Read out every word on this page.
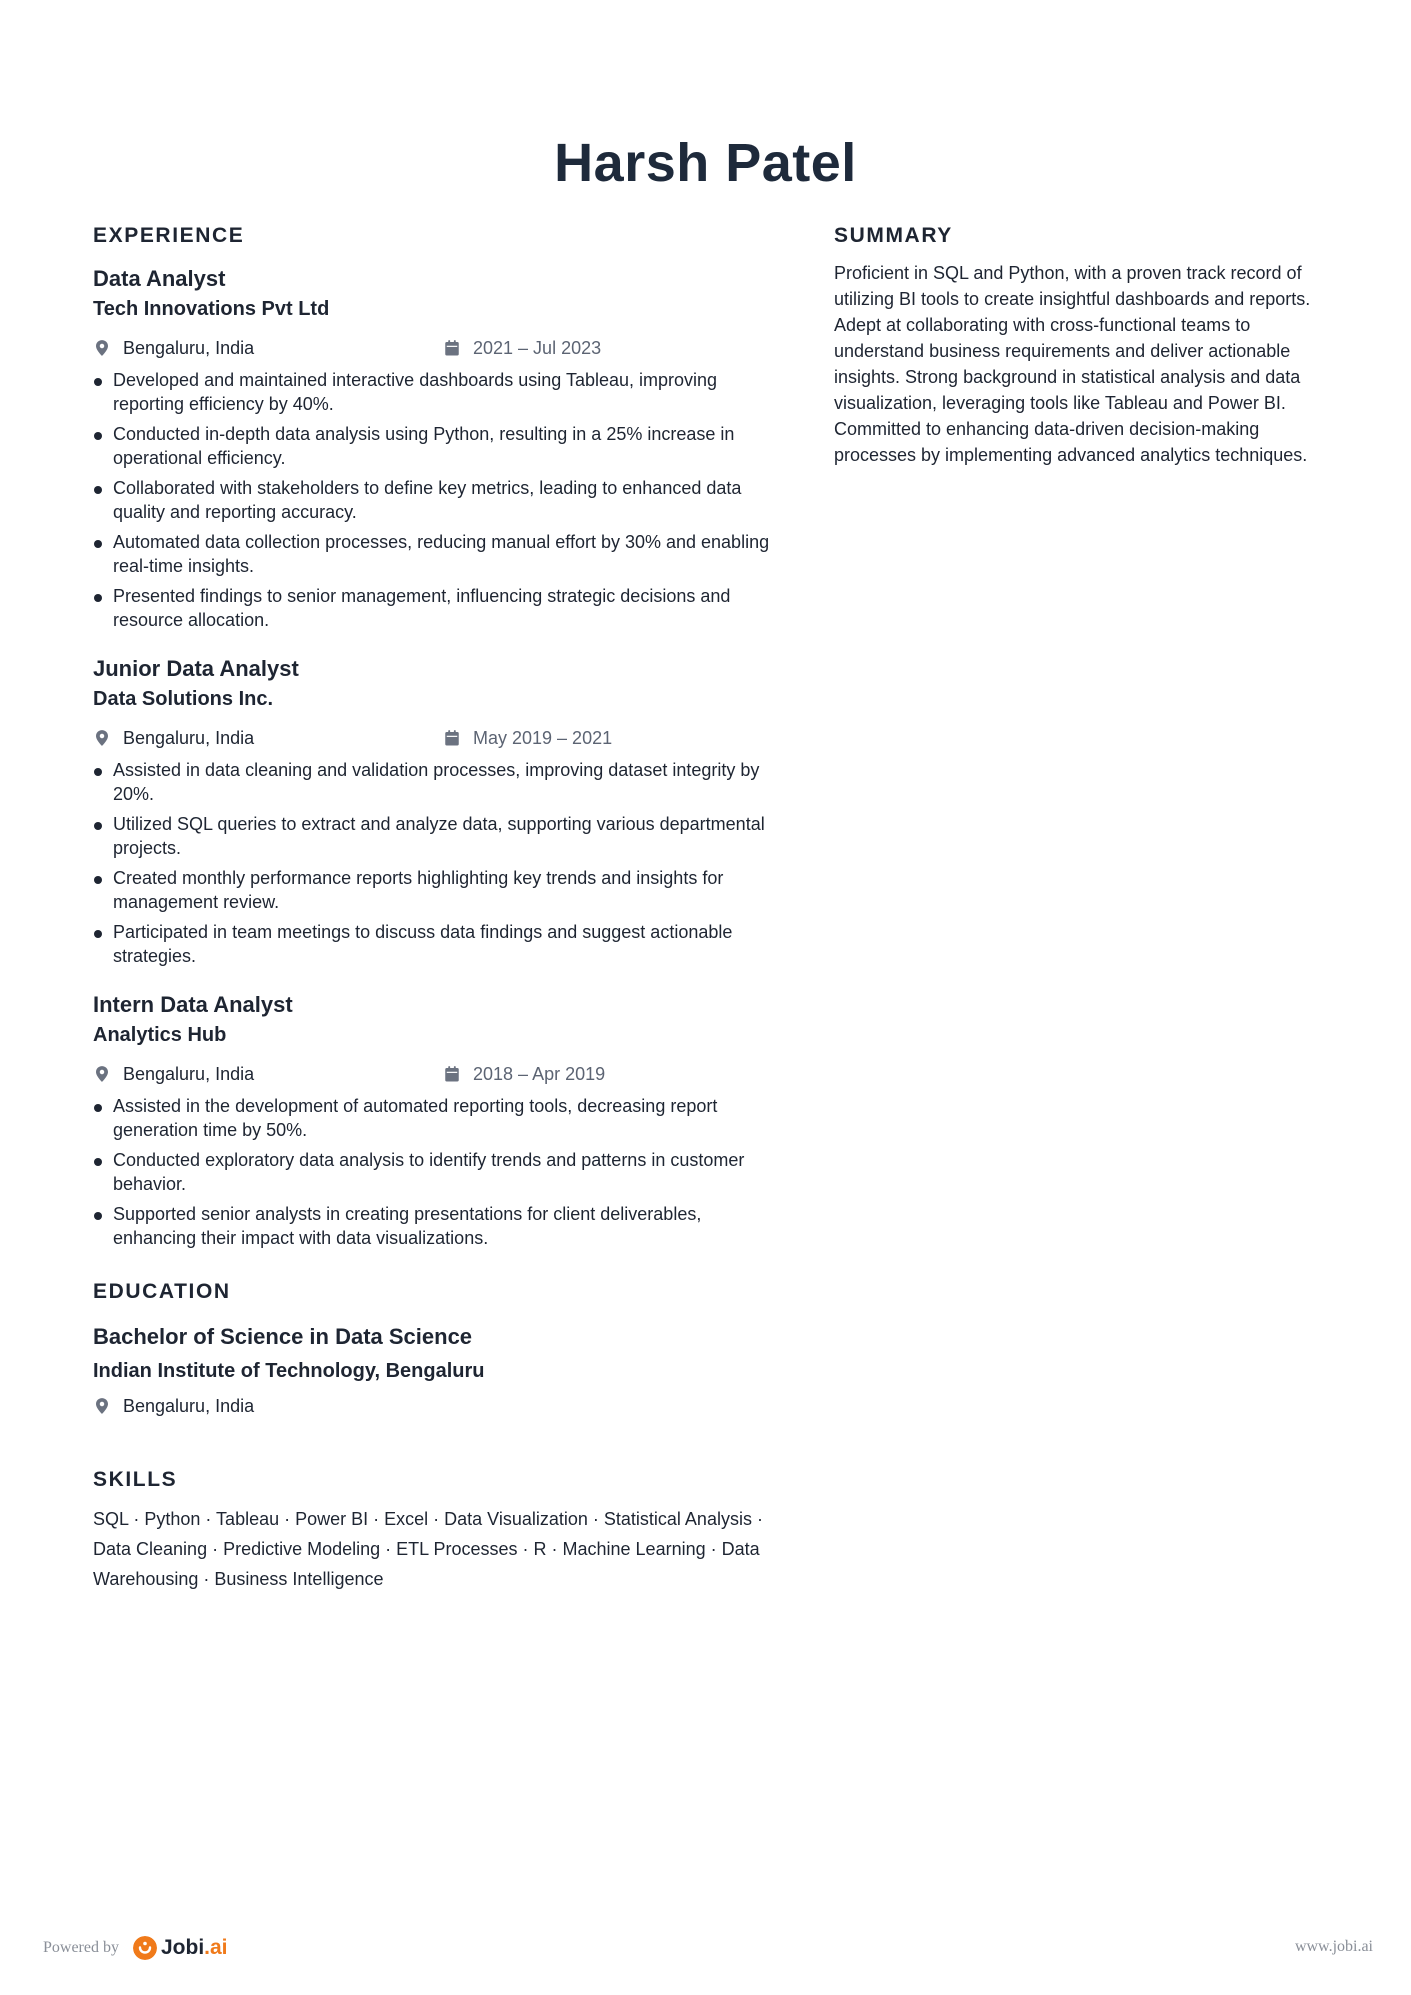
Harsh Patel
EXPERIENCE

Data Analyst

Tech Innovations Pvt Ltd

Bengaluru, India	2021 – Jul 2023
Developed and maintained interactive dashboards using Tableau, improving reporting efficiency by 40%.
Conducted in-depth data analysis using Python, resulting in a 25% increase in operational efficiency.
Collaborated with stakeholders to define key metrics, leading to enhanced data quality and reporting accuracy.
Automated data collection processes, reducing manual effort by 30% and enabling real-time insights.
Presented findings to senior management, influencing strategic decisions and resource allocation.

Junior Data Analyst

Data Solutions Inc.

Bengaluru, India	May 2019 – 2021
Assisted in data cleaning and validation processes, improving dataset integrity by 20%.
Utilized SQL queries to extract and analyze data, supporting various departmental projects.
Created monthly performance reports highlighting key trends and insights for management review.
Participated in team meetings to discuss data findings and suggest actionable strategies.

Intern Data Analyst

Analytics Hub

Bengaluru, India	2018 – Apr 2019
Assisted in the development of automated reporting tools, decreasing report generation time by 50%.
Conducted exploratory data analysis to identify trends and patterns in customer behavior.
Supported senior analysts in creating presentations for client deliverables, enhancing their impact with data visualizations.
EDUCATION

Bachelor of Science in Data Science

Indian Institute of Technology, Bengaluru

Bengaluru, India
SKILLS

SQL · Python · Tableau · Power BI · Excel · Data Visualization · Statistical Analysis · Data Cleaning · Predictive Modeling · ETL Processes · R · Machine Learning · Data Warehousing · Business Intelligence

SUMMARY

Proficient in SQL and Python, with a proven track record of utilizing BI tools to create insightful dashboards and reports. Adept at collaborating with cross-functional teams to understand business requirements and deliver actionable insights. Strong background in statistical analysis and data visualization, leveraging tools like Tableau and Power BI. Committed to enhancing data-driven decision-making processes by implementing advanced analytics techniques.

Powered by Jobi.ai	www.jobi.ai
